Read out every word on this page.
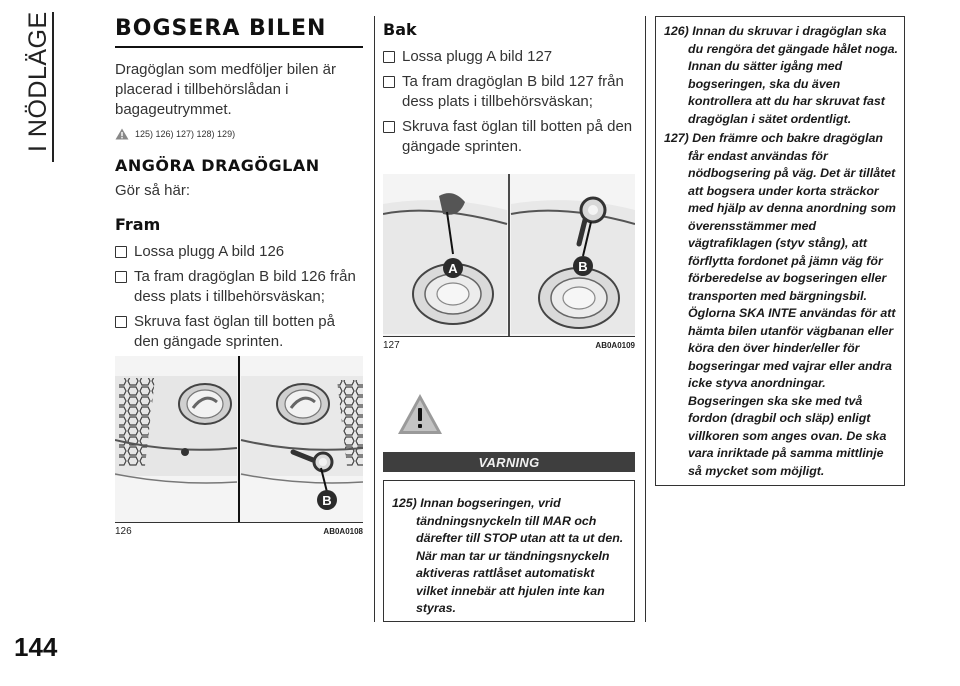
I NÖDLÄGE
144
BOGSERA BILEN
Dragöglan som medföljer bilen är placerad i tillbehörslådan i bagageutrymmet.
125) 126) 127) 128) 129)
ANGÖRA DRAGÖGLAN
Gör så här:
Fram
Lossa plugg A bild 126
Ta fram dragöglan B bild 126 från dess plats i tillbehörsväskan;
Skruva fast öglan till botten på den gängade sprinten.
B
126	AB0A0108
Bak
Lossa plugg A bild 127
Ta fram dragöglan B bild 127 från dess plats i tillbehörsväskan;
Skruva fast öglan till botten på den gängade sprinten.
A	B
127	AB0A0109
VARNING
125) Innan bogseringen, vrid tändningsnyckeln till MAR och därefter till STOP utan att ta ut den. När man tar ur tändningsnyckeln aktiveras rattlåset automatiskt vilket innebär att hjulen inte kan styras.
126) Innan du skruvar i dragöglan ska du rengöra det gängade hålet noga. Innan du sätter igång med bogseringen, ska du även kontrollera att du har skruvat fast dragöglan i sätet ordentligt.
127) Den främre och bakre dragöglan får endast användas för nödbogsering på väg. Det är tillåtet att bogsera under korta sträckor med hjälp av denna anordning som överensstämmer med vägtrafiklagen (styv stång), att förflytta fordonet på jämn väg för förberedelse av bogseringen eller transporten med bärgningsbil. Öglorna SKA INTE användas för att hämta bilen utanför vägbanan eller köra den över hinder/eller för bogseringar med vajrar eller andra icke styva anordningar. Bogseringen ska ske med två fordon (dragbil och släp) enligt villkoren som anges ovan. De ska vara inriktade på samma mittlinje så mycket som möjligt.
